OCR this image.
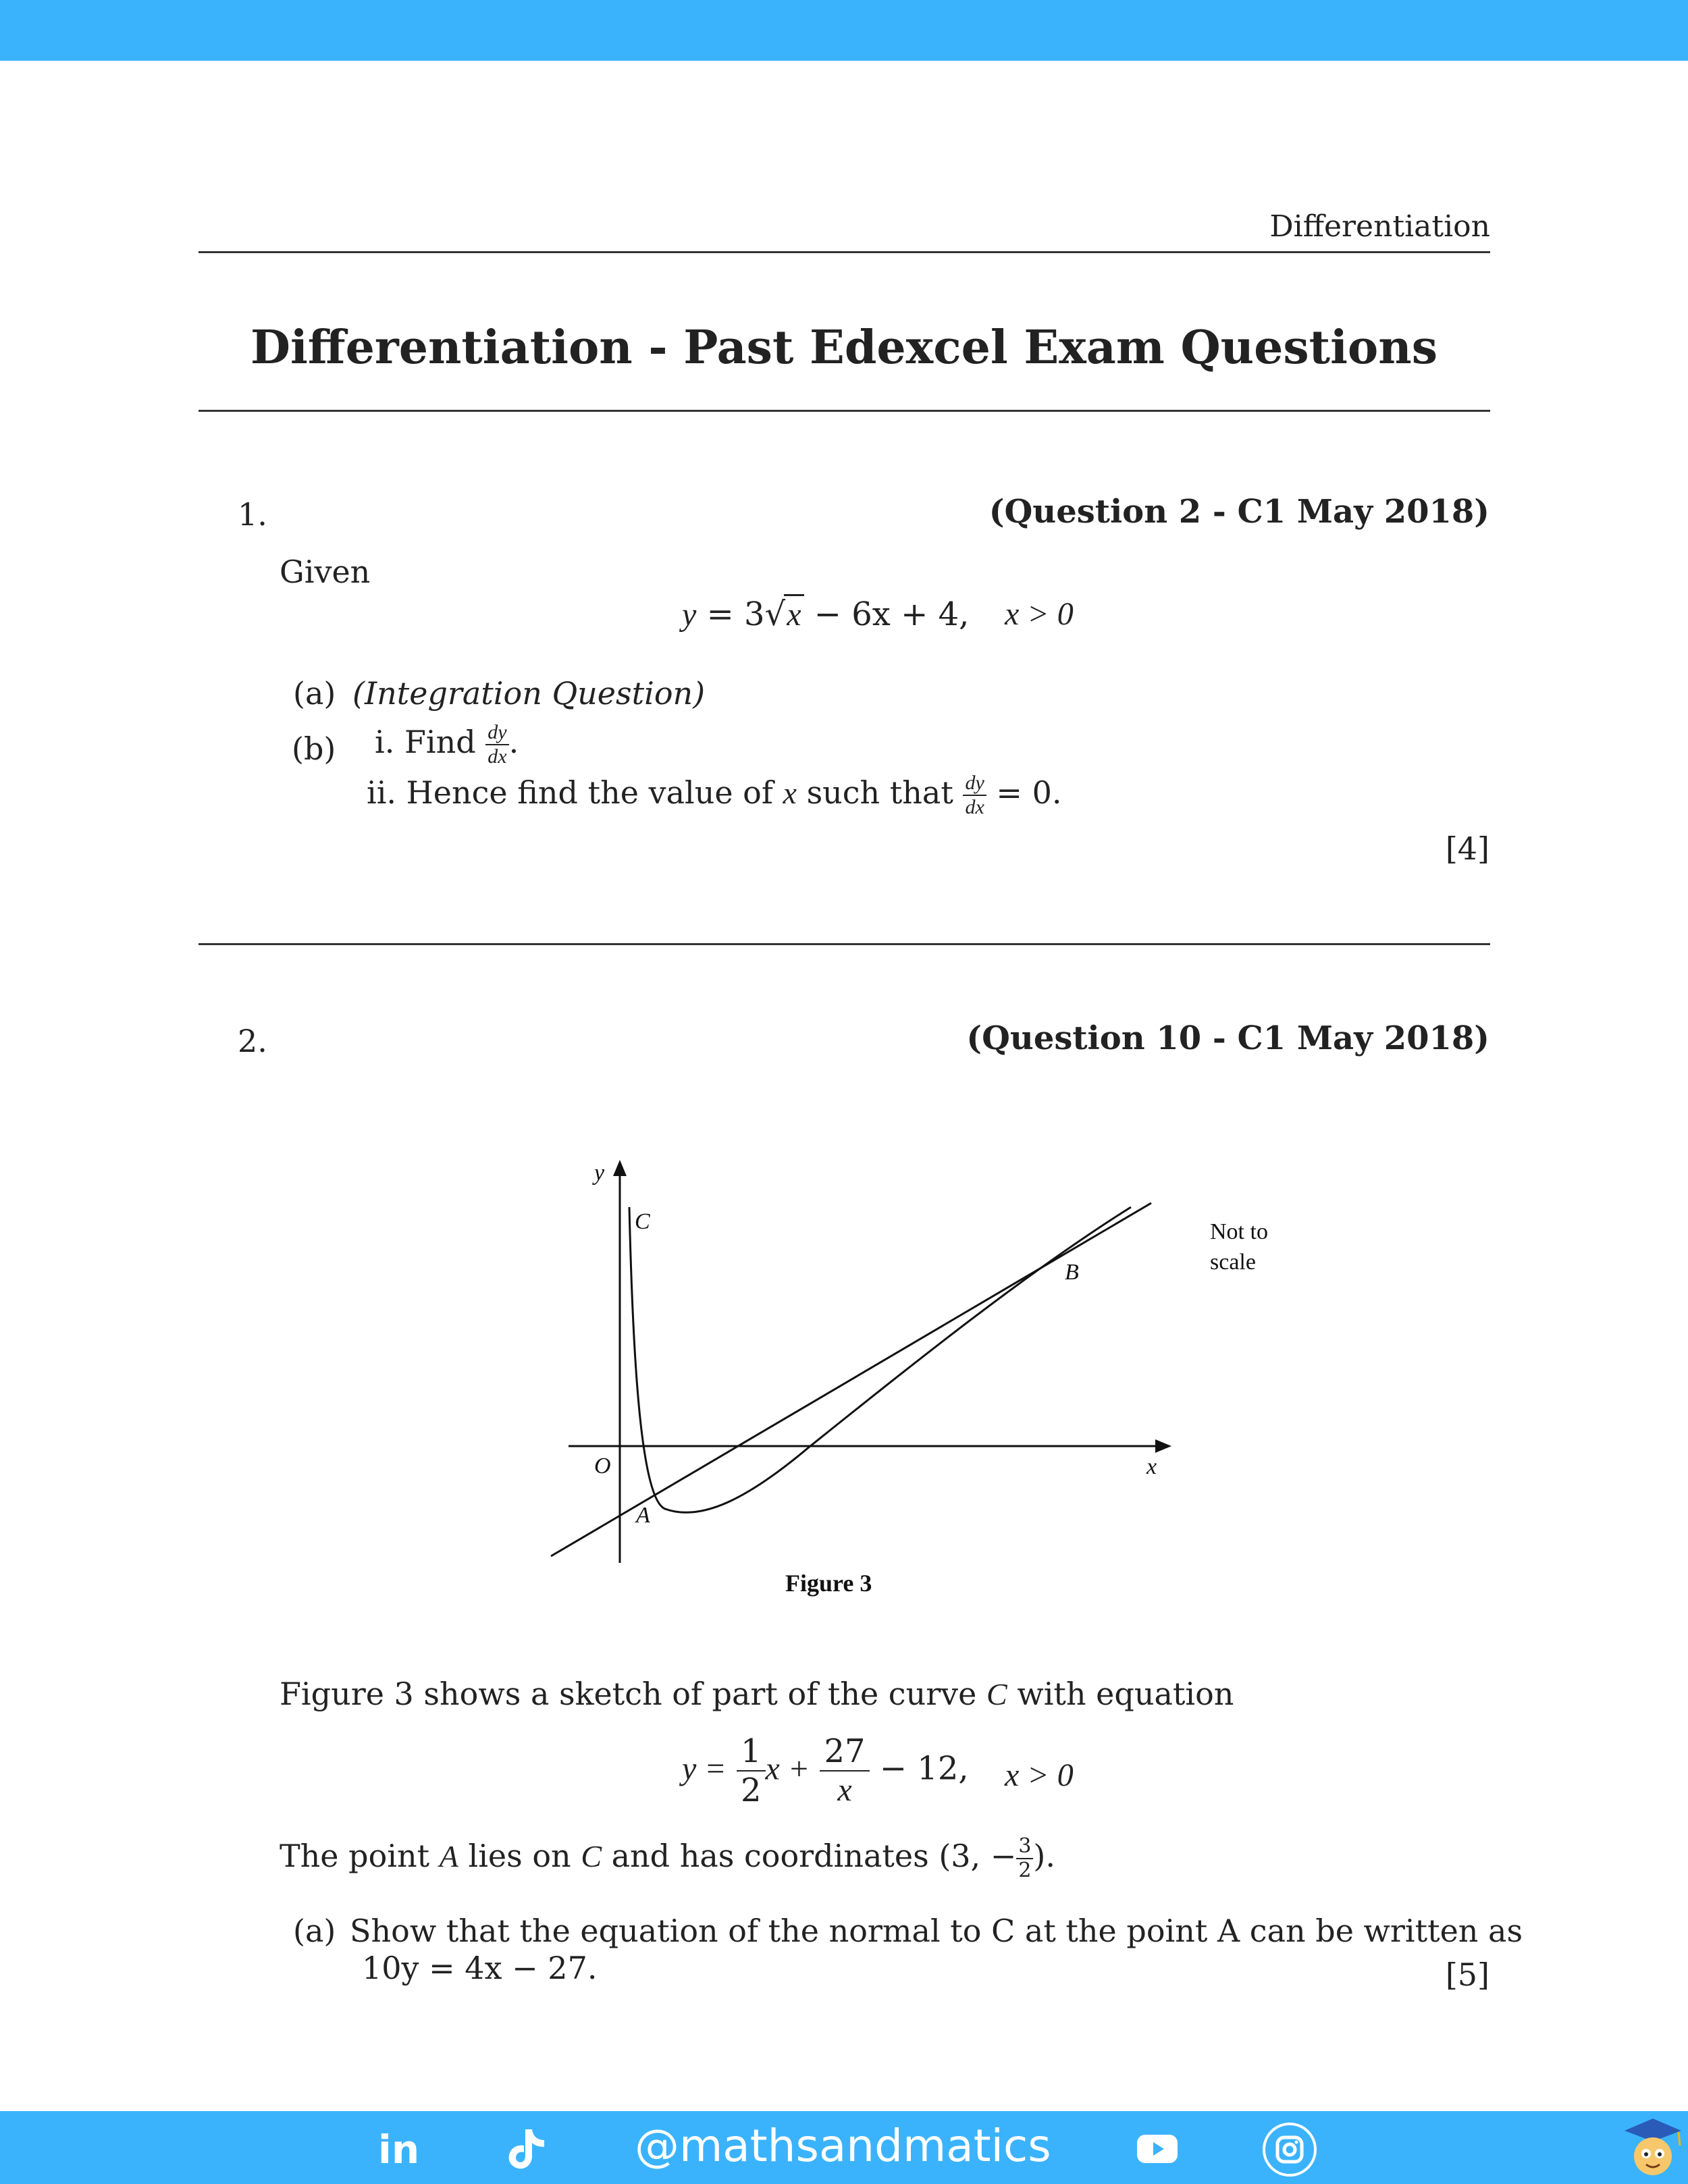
Differentiation
Differentiation - Past Edexcel Exam Questions
1.	(Question 2 - C1 May 2018)
Given
y = 3√x − 6x + 4, x > 0
(a) (Integration Question)
(b) i. Find $\frac{dy}{dx}$ .
ii. Hence find the value of x such that $\frac{dy}{dx} = 0$.
[4]
2.	(Question 10 - C1 May 2018)
y
C
B
O	x
A
Not to
scale
Figure 3
Figure 3 shows a sketch of part of the curve C with equation
$y = \frac{1}{2}$ $x + \frac{27}{x} - 12$, x > 0
The point A lies on C and has coordinates (3, − $\frac{3}{2}$ ).
(a) Show that the equation of the normal to C at the point A can be written as
10y = 4x − 27.	[5]
in	@mathsandmatics
